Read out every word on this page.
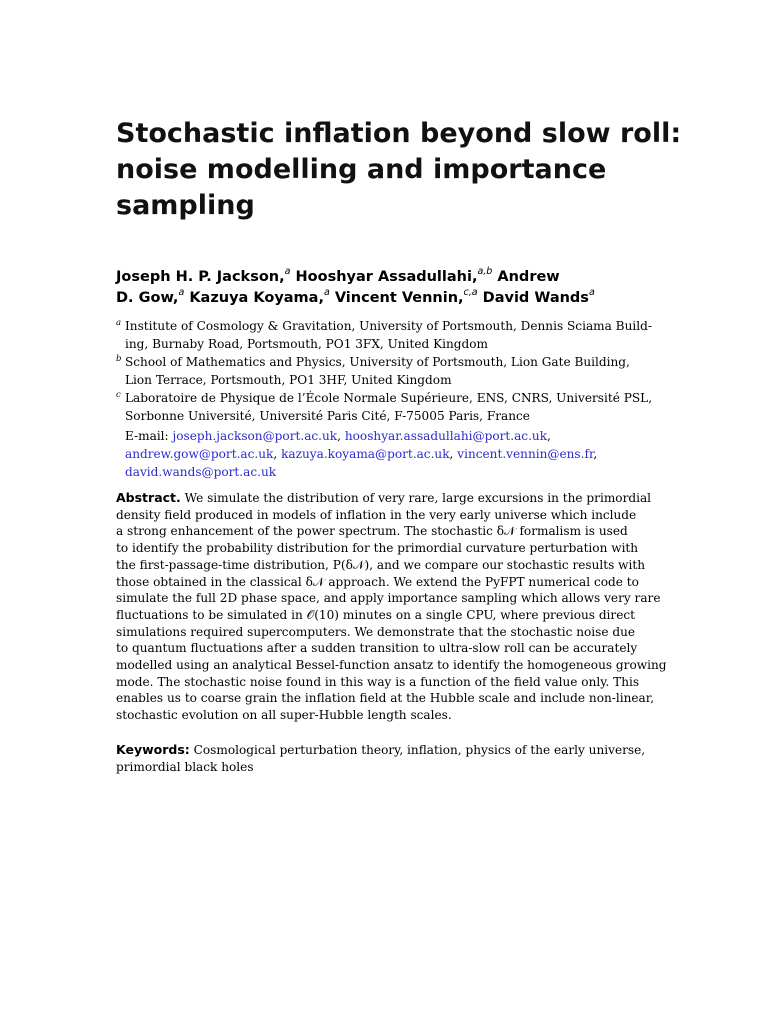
Stochastic inflation beyond slow roll:
noise modelling and importance
sampling
Joseph H. P. Jackson,$^a$ Hooshyar Assadullahi,$^{a,b}$ Andrew
D. Gow,$^a$ Kazuya Koyama,$^a$ Vincent Vennin,$^{c,a}$ David Wands$^a$

a Institute of Cosmology & Gravitation, University of Portsmouth, Dennis Sciama Build-
ing, Burnaby Road, Portsmouth, PO1 3FX, United Kingdom

b School of Mathematics and Physics, University of Portsmouth, Lion Gate Building,
Lion Terrace, Portsmouth, PO1 3HF, United Kingdom

c Laboratoire de Physique de l’École Normale Supérieure, ENS, CNRS, Université PSL,
Sorbonne Université, Université Paris Cité, F-75005 Paris, France

E-mail: joseph.jackson@port.ac.uk, hooshyar.assadullahi@port.ac.uk,
andrew.gow@port.ac.uk, kazuya.koyama@port.ac.uk, vincent.vennin@ens.fr,
david.wands@port.ac.uk
Abstract. We simulate the distribution of very rare, large excursions in the primordial
density field produced in models of inflation in the very early universe which include
a strong enhancement of the power spectrum. The stochastic δ𝒩 formalism is used
to identify the probability distribution for the primordial curvature perturbation with
the first-passage-time distribution, P(δ𝒩), and we compare our stochastic results with
those obtained in the classical δ𝒩 approach. We extend the PyFPT numerical code to
simulate the full 2D phase space, and apply importance sampling which allows very rare
fluctuations to be simulated in 𝒪(10) minutes on a single CPU, where previous direct
simulations required supercomputers. We demonstrate that the stochastic noise due
to quantum fluctuations after a sudden transition to ultra-slow roll can be accurately
modelled using an analytical Bessel-function ansatz to identify the homogeneous growing
mode. The stochastic noise found in this way is a function of the field value only. This
enables us to coarse grain the inflation field at the Hubble scale and include non-linear,
stochastic evolution on all super-Hubble length scales.
Keywords: Cosmological perturbation theory, inflation, physics of the early universe,
primordial black holes
